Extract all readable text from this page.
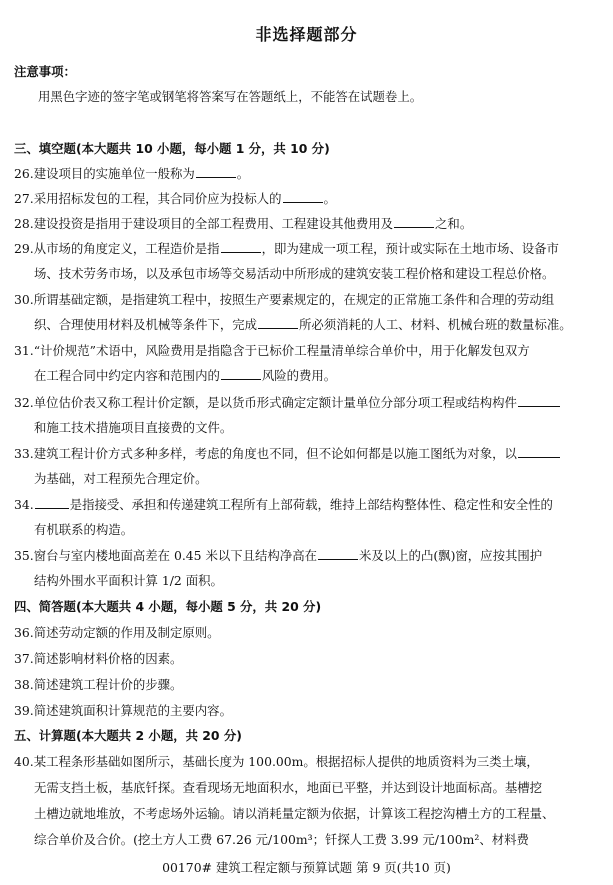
非选择题部分
注意事项：
用黑色字迹的签字笔或钢笔将答案写在答题纸上，不能答在试题卷上。
三、填空题(本大题共 10 小题，每小题 1 分，共 10 分)
26.建设项目的实施单位一般称为	。
27.采用招标发包的工程，其合同价应为投标人的	。
28.建设投资是指用于建设项目的全部工程费用、工程建设其他费用及	之和。
29.从市场的角度定义，工程造价是指	，即为建成一项工程，预计或实际在土地市场、设备市
场、技术劳务市场，以及承包市场等交易活动中所形成的建筑安装工程价格和建设工程总价格。
30.所谓基础定额，是指建筑工程中，按照生产要素规定的，在规定的正常施工条件和合理的劳动组
织、合理使用材料及机械等条件下，完成	所必须消耗的人工、材料、机械台班的数量标准。
31.“计价规范”术语中，风险费用是指隐含于已标价工程量清单综合单价中，用于化解发包双方
在工程合同中约定内容和范围内的	风险的费用。
32.单位估价表又称工程计价定额，是以货币形式确定定额计量单位分部分项工程或结构构件
和施工技术措施项目直接费的文件。
33.建筑工程计价方式多种多样，考虑的角度也不同，但不论如何都是以施工图纸为对象，以
为基础，对工程预先合理定价。
34.	是指接受、承担和传递建筑工程所有上部荷载，维持上部结构整体性、稳定性和安全性的
有机联系的构造。
35.窗台与室内楼地面高差在 0.45 米以下且结构净高在	米及以上的凸(飘)窗，应按其围护
结构外围水平面积计算 1/2 面积。
四、简答题(本大题共 4 小题，每小题 5 分，共 20 分)
36.简述劳动定额的作用及制定原则。
37.简述影响材料价格的因素。
38.简述建筑工程计价的步骤。
39.简述建筑面积计算规范的主要内容。
五、计算题(本大题共 2 小题，共 20 分)
40.某工程条形基础如图所示，基础长度为 100.00m。根据招标人提供的地质资料为三类土壤，
无需支挡土板，基底钎探。查看现场无地面积水，地面已平整，并达到设计地面标高。基槽挖
土槽边就地堆放，不考虑场外运输。请以消耗量定额为依据，计算该工程挖沟槽土方的工程量、
综合单价及合价。(挖土方人工费 67.26 元/100m³；钎探人工费 3.99 元/100m²、材料费
00170# 建筑工程定额与预算试题 第 9 页(共10 页)
